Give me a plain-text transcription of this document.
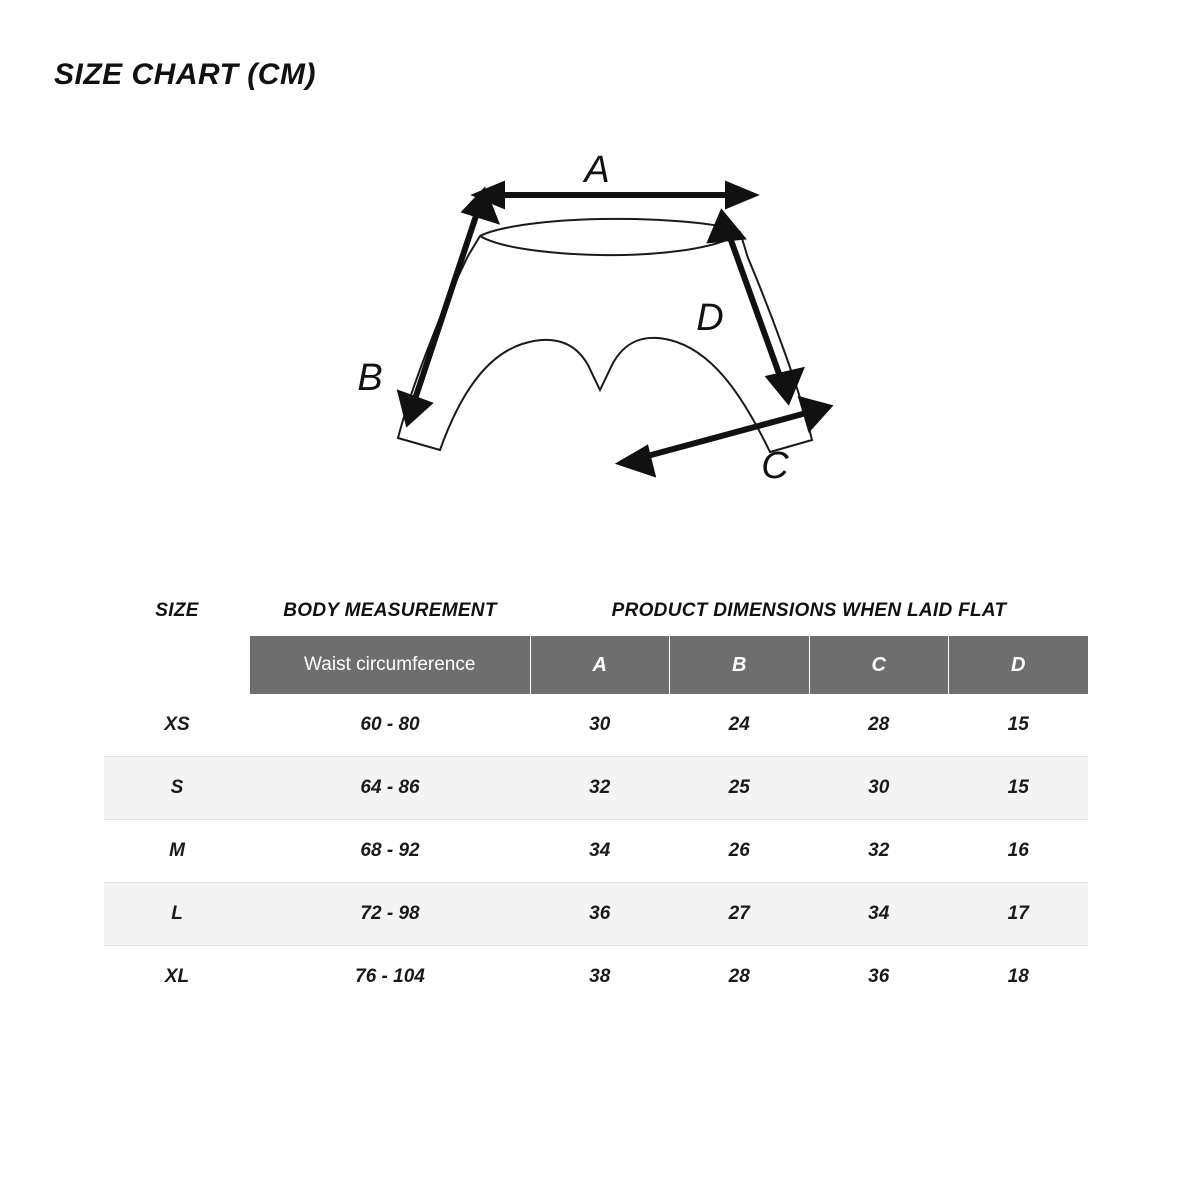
SIZE CHART (CM)
A
B
C
D
SIZE	BODY MEASUREMENT	PRODUCT DIMENSIONS WHEN LAID FLAT			
	Waist circumference	A	B	C	D
XS	60 - 80	30	24	28	15
S	64 - 86	32	25	30	15
M	68 - 92	34	26	32	16
L	72 - 98	36	27	34	17
XL	76 - 104	38	28	36	18
